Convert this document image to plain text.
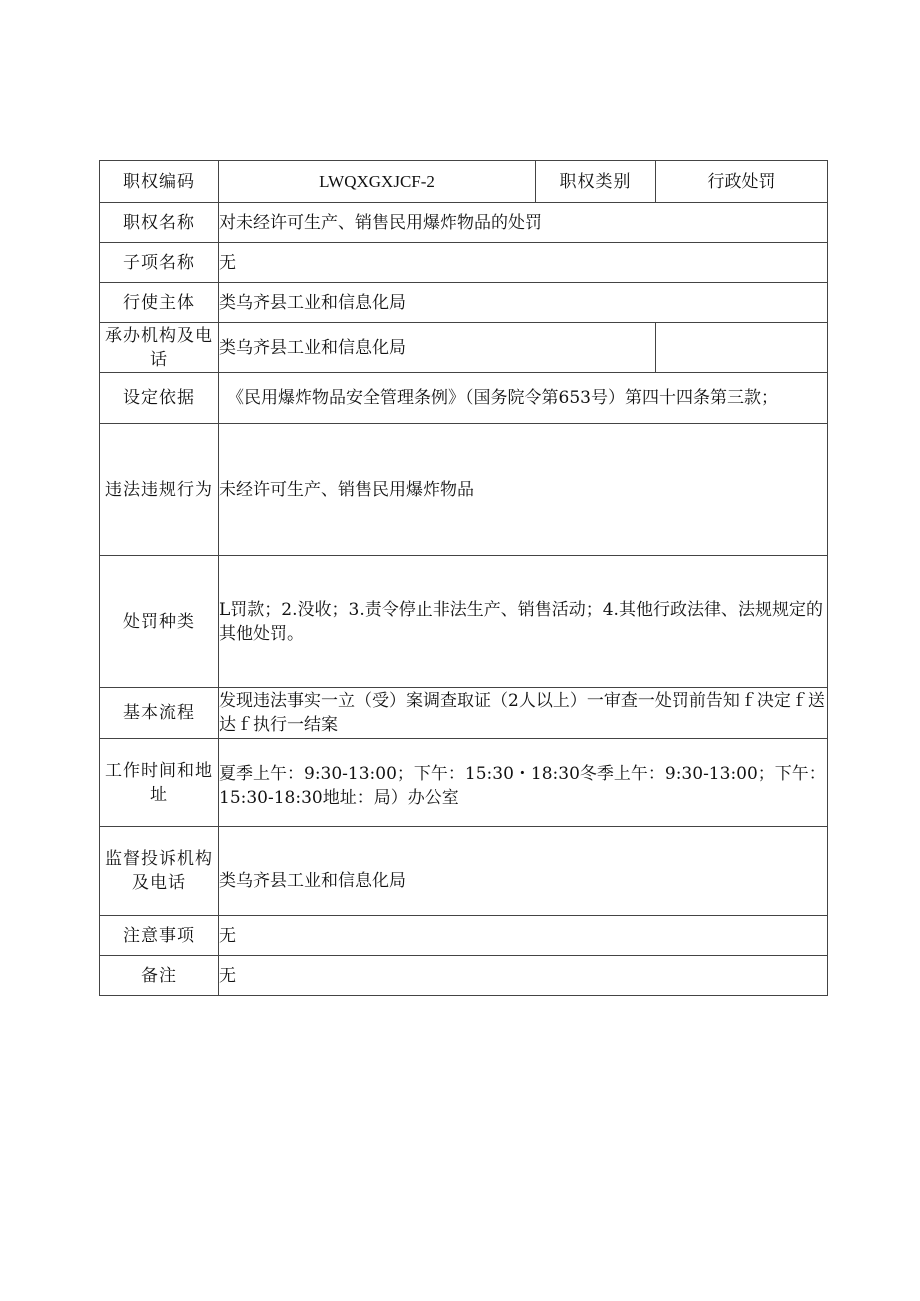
职权编码	LWQXGXJCF-2	职权类别	行政处罚
职权名称	对未经许可生产、销售民用爆炸物品的处罚		
子项名称	无		
行使主体	类乌齐县工业和信息化局		
承办机构及电话	类乌齐县工业和信息化局		
设定依据	《民用爆炸物品安全管理条例》（国务院令第653号）第四十四条第三款；		
违法违规行为	未经许可生产、销售民用爆炸物品		
处罚种类	L罚款；2.没收；3.责令停止非法生产、销售活动；4.其他行政法律、法规规定的其他处罚。		
基本流程	发现违法事实一立（受）案调查取证（2人以上）一审查一处罚前告知ｆ决定ｆ送达ｆ执行一结案		
工作时间和地址	夏季上午：9:30-13:00；下午：15:30・18:30冬季上午：9:30-13:00；下午：15:30-18:30地址：局）办公室		
监督投诉机构及电话	类乌齐县工业和信息化局		
注意事项	无		
备注	无		
